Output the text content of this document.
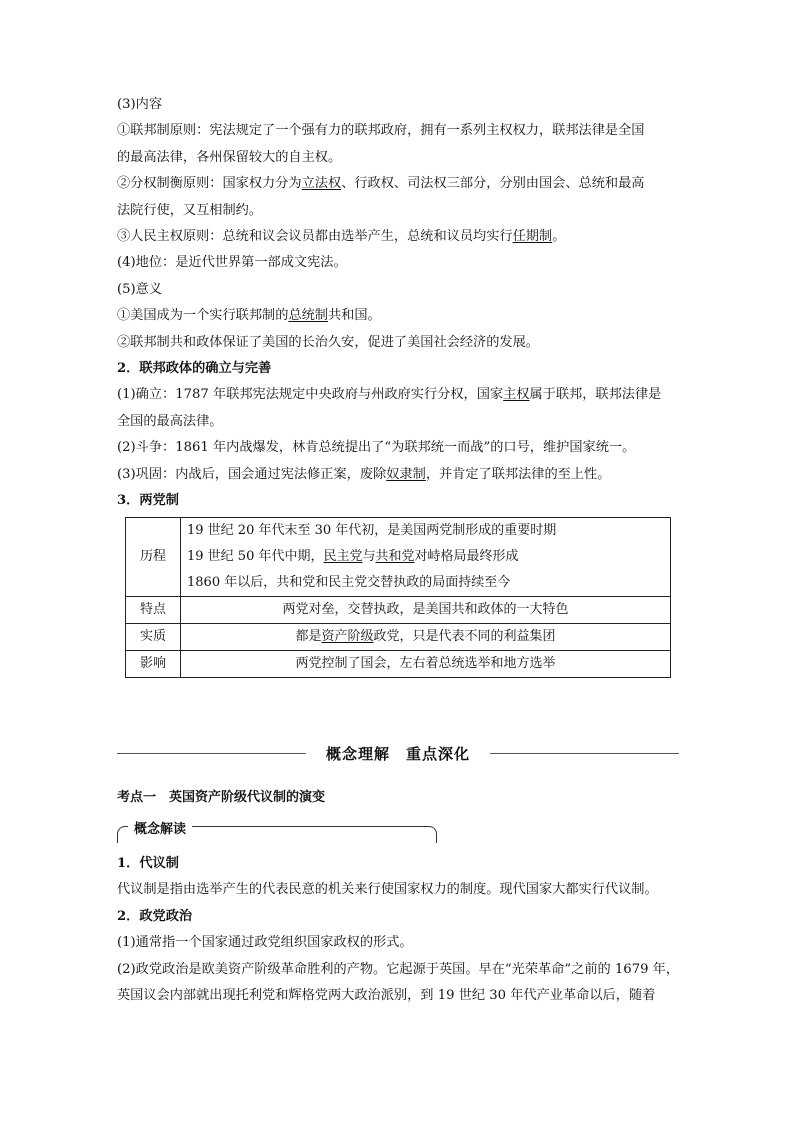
(3)内容
①联邦制原则：宪法规定了一个强有力的联邦政府，拥有一系列主权权力，联邦法律是全国
的最高法律，各州保留较大的自主权。
②分权制衡原则：国家权力分为立法权、行政权、司法权三部分，分别由国会、总统和最高
法院行使，又互相制约。
③人民主权原则：总统和议会议员都由选举产生，总统和议员均实行任期制。
(4)地位：是近代世界第一部成文宪法。
(5)意义
①美国成为一个实行联邦制的总统制共和国。
②联邦制共和政体保证了美国的长治久安，促进了美国社会经济的发展。
2．联邦政体的确立与完善
(1)确立：1787 年联邦宪法规定中央政府与州政府实行分权，国家主权属于联邦，联邦法律是
全国的最高法律。
(2)斗争：1861 年内战爆发，林肯总统提出了“为联邦统一而战”的口号，维护国家统一。
(3)巩固：内战后，国会通过宪法修正案，废除奴隶制，并肯定了联邦法律的至上性。
3．两党制
历程	19 世纪 20 年代末至 30 年代初，是美国两党制形成的重要时期
19 世纪 50 年代中期，民主党与共和党对峙格局最终形成
1860 年以后，共和党和民主党交替执政的局面持续至今

特点	两党对垒，交替执政，是美国共和政体的一大特色
实质	都是资产阶级政党，只是代表不同的利益集团
影响	两党控制了国会，左右着总统选举和地方选举
概念理解　重点深化
考点一　英国资产阶级代议制的演变
概念解读
1．代议制
代议制是指由选举产生的代表民意的机关来行使国家权力的制度。现代国家大都实行代议制。
2．政党政治
(1)通常指一个国家通过政党组织国家政权的形式。
(2)政党政治是欧美资产阶级革命胜利的产物。它起源于英国。早在“光荣革命”之前的 1679 年，
英国议会内部就出现托利党和辉格党两大政治派别，到 19 世纪 30 年代产业革命以后，随着
